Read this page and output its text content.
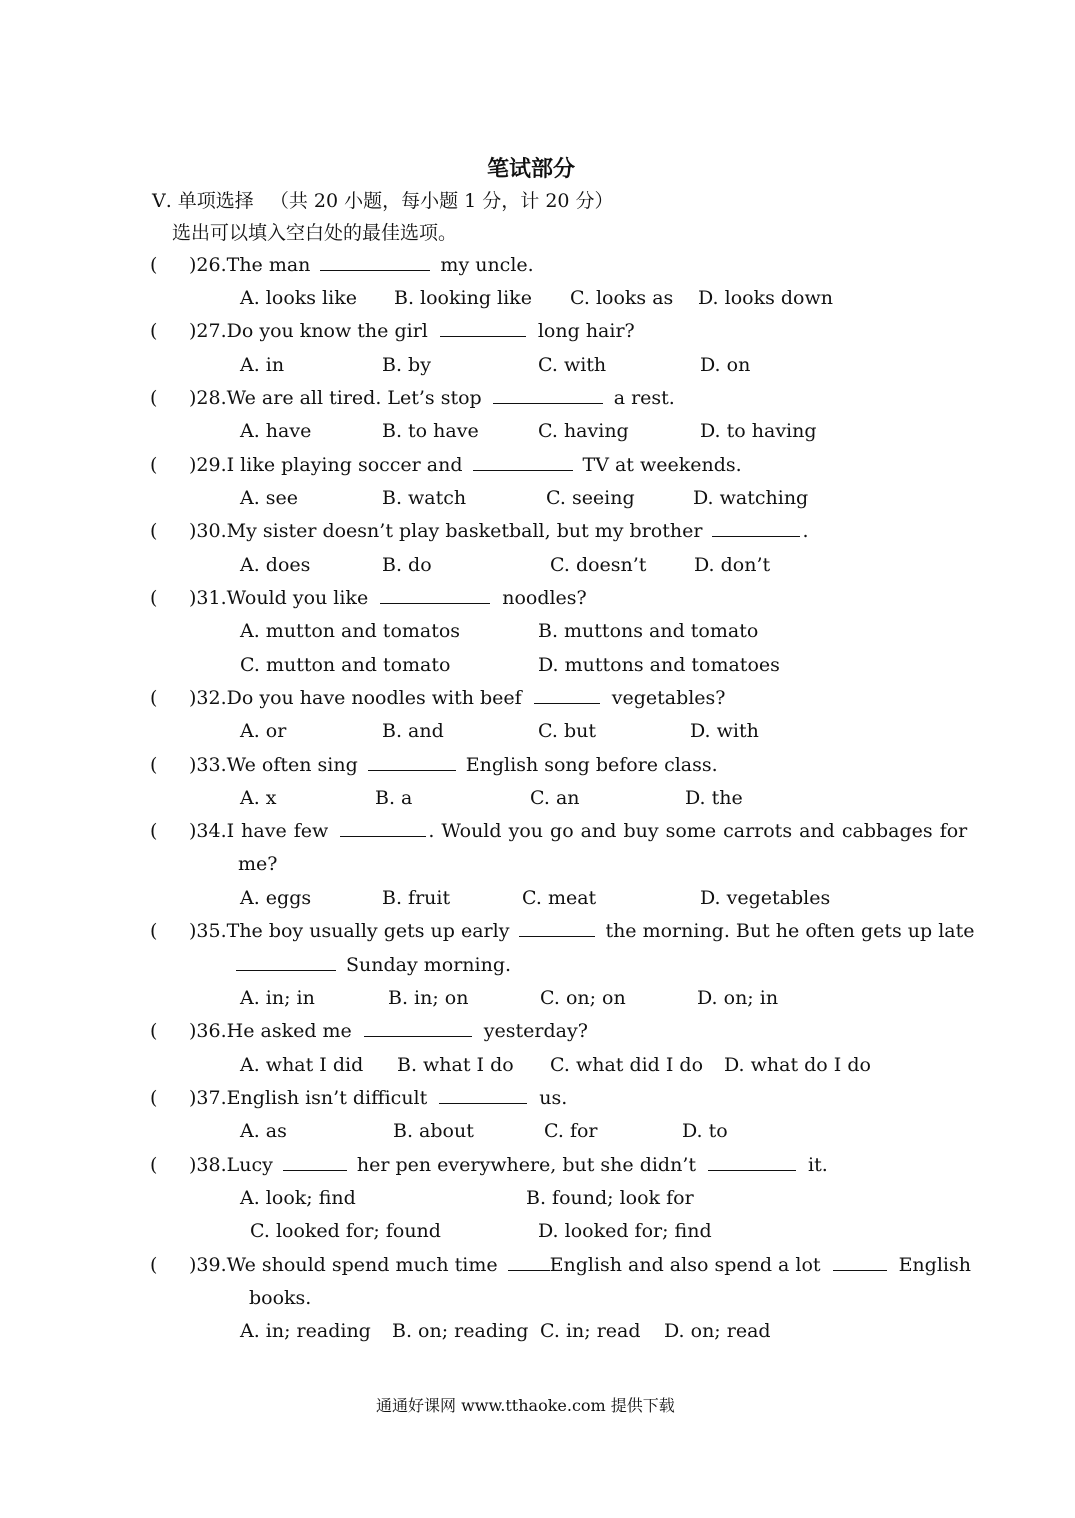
笔试部分
Ⅴ. 单项选择 （共 20 小题，每小题 1 分，计 20 分）
选出可以填入空白处的最佳选项。
( )26.The man	my uncle.
A. looks like B. looking like C. looks as D. looks down
( )27.Do you know the girl	long hair?
A. in	B. by	C. with	D. on
( )28.We are all tired. Let’s stop	a rest.
A. have	B. to have	C. having	D. to having
( )29.I like playing soccer and	TV at weekends.
A. see	B. watch	C. seeing	D. watching
( )30.My sister doesn’t play basketball, but my brother	.
A. does	B. do	C. doesn’t	D. don’t
( )31.Would you like	noodles?
A. mutton and tomatos	B. muttons and tomato
C. mutton and tomato	D. muttons and tomatoes
( )32.Do you have noodles with beef	vegetables?
A. or	B. and	C. but	D. with
( )33.We often sing	English song before class.
A. x	B. a	C. an	D. the
( )34.I have few	. Would you go and buy some carrots and cabbages for
me?
A. eggs	B. fruit	C. meat	D. vegetables
( )35.The boy usually gets up early	the morning. But he often gets up late
Sunday morning.
A. in; in	B. in; on	C. on; on	D. on; in
( )36.He asked me	yesterday?
A. what I did B. what I do C. what did I do D. what do I do
( )37.English isn’t difficult	us.
A. as	B. about	C. for	D. to
( )38.Lucy	her pen everywhere, but she didn’t	it.
A. look; find	B. found; look for
C. looked for; found	D. looked for; find
( )39.We should spend much time	English and also spend a lot	English
books.
A. in; reading B. on; reading C. in; read D. on; read
通通好课网 www.tthaoke.com 提供下载
